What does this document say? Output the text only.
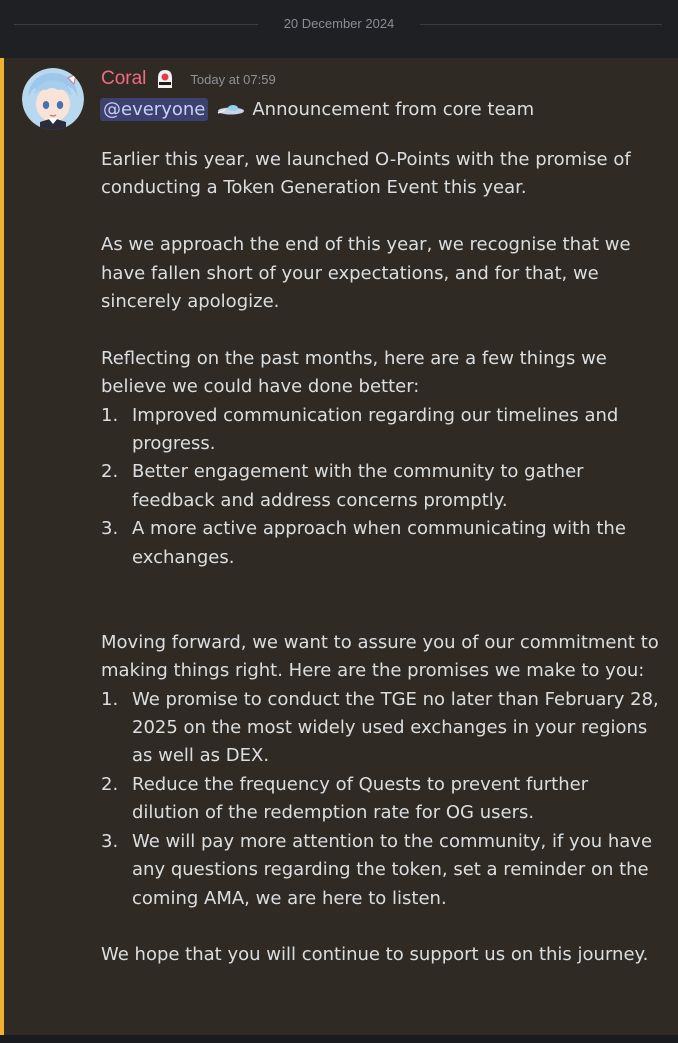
20 December 2024
Coral	Today at 07:59
@everyone	Announcement from core team

Earlier this year, we launched O-Points with the promise of conducting a Token Generation Event this year.

As we approach the end of this year, we recognise that we have fallen short of your expectations, and for that, we sincerely apologize.

Reflecting on the past months, here are a few things we believe we could have done better:

1. Improved communication regarding our timelines and progress.
2. Better engagement with the community to gather feedback and address concerns promptly.
3. A more active approach when communicating with the exchanges.

Moving forward, we want to assure you of our commitment to making things right. Here are the promises we make to you:

1. We promise to conduct the TGE no later than February 28, 2025 on the most widely used exchanges in your regions as well as DEX.
2. Reduce the frequency of Quests to prevent further dilution of the redemption rate for OG users.
3. We will pay more attention to the community, if you have any questions regarding the token, set a reminder on the coming AMA, we are here to listen.

We hope that you will continue to support us on this journey.
